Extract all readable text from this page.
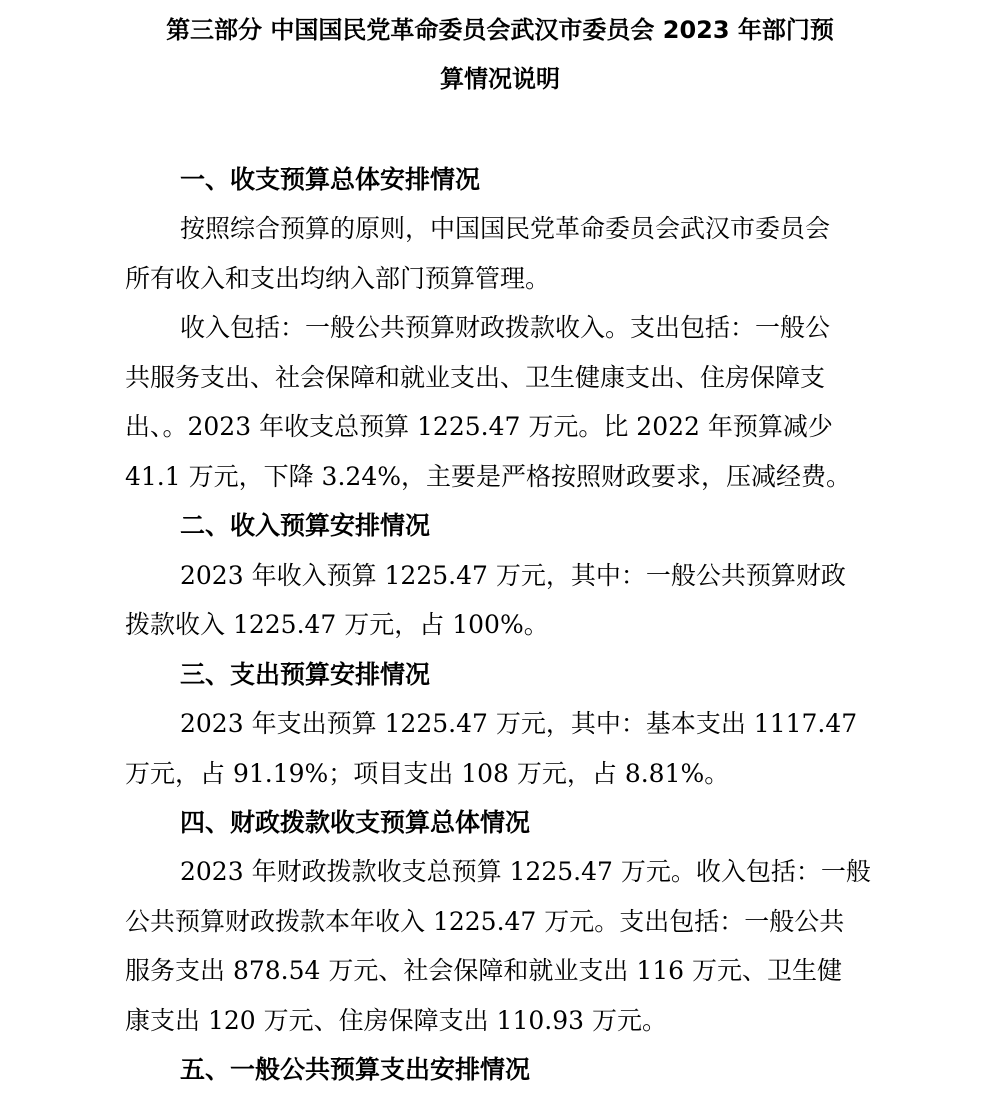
第三部分 中国国民党革命委员会武汉市委员会 2023 年部门预
算情况说明
一、收支预算总体安排情况

按照综合预算的原则，中国国民党革命委员会武汉市委员会

所有收入和支出均纳入部门预算管理。

收入包括：一般公共预算财政拨款收入。支出包括：一般公

共服务支出、社会保障和就业支出、卫生健康支出、住房保障支

出、。2023 年收支总预算 1225.47 万元。比 2022 年预算减少

41.1 万元，下降 3.24%，主要是严格按照财政要求，压减经费。

二、收入预算安排情况

2023 年收入预算 1225.47 万元，其中：一般公共预算财政

拨款收入 1225.47 万元，占 100%。

三、支出预算安排情况

2023 年支出预算 1225.47 万元，其中：基本支出 1117.47

万元，占 91.19%；项目支出 108 万元，占 8.81%。

四、财政拨款收支预算总体情况

2023 年财政拨款收支总预算 1225.47 万元。收入包括：一般

公共预算财政拨款本年收入 1225.47 万元。支出包括：一般公共

服务支出 878.54 万元、社会保障和就业支出 116 万元、卫生健

康支出 120 万元、住房保障支出 110.93 万元。

五、一般公共预算支出安排情况
